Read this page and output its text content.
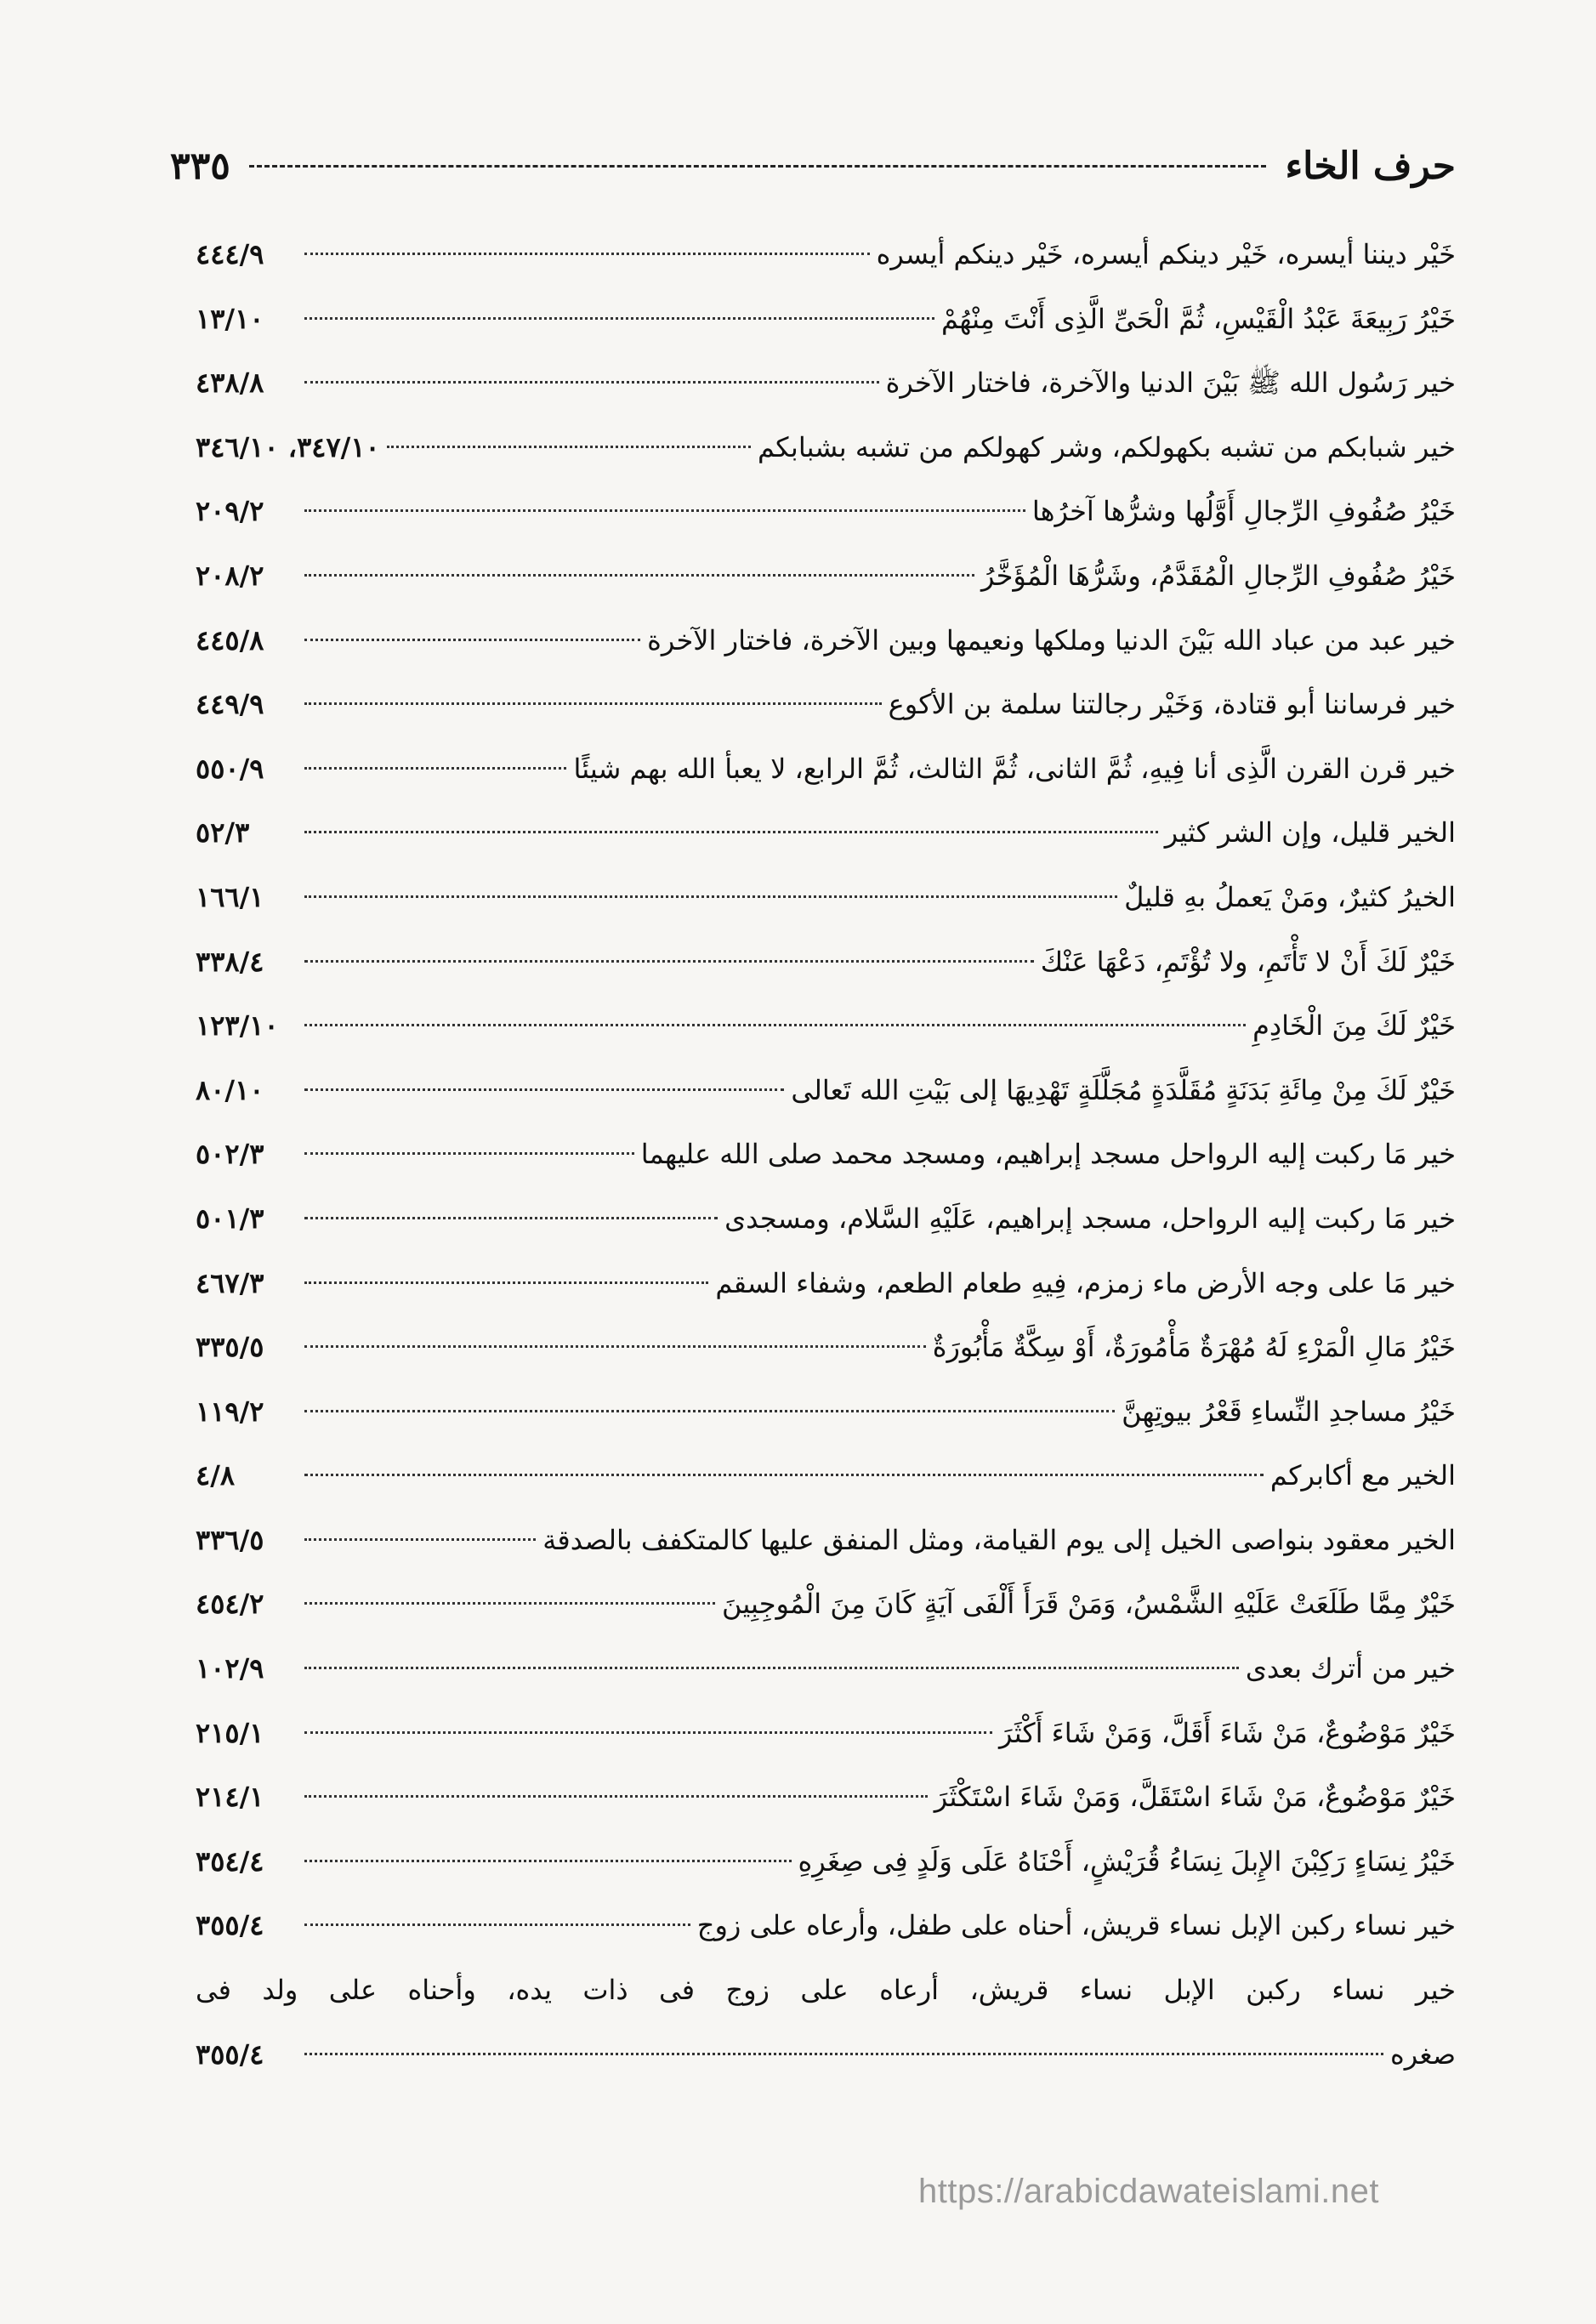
حرف الخاء
٣٣٥
خَيْر ديننا أيسره، خَيْر دينكم أيسره، خَيْر دينكم أيسره
٤٤٤/٩
خَيْرُ رَبِيعَةَ عَبْدُ الْقَيْسِ، ثُمَّ الْحَىِّ الَّذِى أَنْتَ مِنْهُمْ
١٣/١٠
خير رَسُول الله ﷺ بَيْنَ الدنيا والآخرة، فاختار الآخرة
٤٣٨/٨
خير شبابكم من تشبه بكهولكم، وشر كهولكم من تشبه بشبابكم
٣٤٧/١٠، ٣٤٦/١٠
خَيْرُ صُفُوفِ الرِّجالِ أَوَّلُها وشرُّها آخرُها
٢٠٩/٢
خَيْرُ صُفُوفِ الرِّجالِ الْمُقَدَّمُ، وشَرُّهَا الْمُؤَخَّرُ
٢٠٨/٢
خير عبد من عباد الله بَيْنَ الدنيا وملكها ونعيمها وبين الآخرة، فاختار الآخرة
٤٤٥/٨
خير فرساننا أبو قتادة، وَخَيْر رجالتنا سلمة بن الأكوع
٤٤٩/٩
خير قرن القرن الَّذِى أنا فِيهِ، ثُمَّ الثانى، ثُمَّ الثالث، ثُمَّ الرابع، لا يعبأ الله بهم شيئًا
٥٥٠/٩
الخير قليل، وإن الشر كثير
٥٢/٣
الخيرُ كثيرٌ، ومَنْ يَعملُ بهِ قليلٌ
١٦٦/١
خَيْرٌ لَكَ أَنْ لا تَأْتَمِ، ولا تُؤْتَمِ، دَعْهَا عَنْكَ
٣٣٨/٤
خَيْرٌ لَكَ مِنَ الْخَادِمِ
١٢٣/١٠
خَيْرٌ لَكَ مِنْ مِائَةِ بَدَنَةٍ مُقَلَّدَةٍ مُجَلَّلَةٍ تَهْدِيهَا إلى بَيْتِ الله تَعالى
٨٠/١٠
خير مَا ركبت إليه الرواحل مسجد إبراهيم، ومسجد محمد صلى الله عليهما
٥٠٢/٣
خير مَا ركبت إليه الرواحل، مسجد إبراهيم، عَلَيْهِ السَّلام، ومسجدى
٥٠١/٣
خير مَا على وجه الأرض ماء زمزم، فِيهِ طعام الطعم، وشفاء السقم
٤٦٧/٣
خَيْرُ مَالِ الْمَرْءِ لَهُ مُهْرَةٌ مَأْمُورَةٌ، أَوْ سِكَّةٌ مَأْبُورَةٌ
٣٣٥/٥
خَيْرُ مساجدِ النِّساءِ قَعْرُ بيوتِهِنَّ
١١٩/٢
الخير مع أكابركم
٤/٨
الخير معقود بنواصى الخيل إلى يوم القيامة، ومثل المنفق عليها كالمتكفف بالصدقة
٣٣٦/٥
خَيْرٌ مِمَّا طَلَعَتْ عَلَيْهِ الشَّمْسُ، وَمَنْ قَرَأَ أَلْفَى آيَةٍ كَانَ مِنَ الْمُوجِبِينَ
٤٥٤/٢
خير من أترك بعدى
١٠٢/٩
خَيْرٌ مَوْضُوعٌ، مَنْ شَاءَ أَقَلَّ، وَمَنْ شَاءَ أَكْثَرَ
٢١٥/١
خَيْرٌ مَوْضُوعٌ، مَنْ شَاءَ اسْتَقَلَّ، وَمَنْ شَاءَ اسْتَكْثَرَ
٢١٤/١
خَيْرُ نِسَاءٍ رَكِبْنَ الإِبلَ نِسَاءُ قُرَيْشٍ، أَحْنَاهُ عَلَى وَلَدٍ فِى صِغَرِهِ
٣٥٤/٤
خير نساء ركبن الإبل نساء قريش، أحناه على طفل، وأرعاه على زوج
٣٥٥/٤
خير نساء ركبن الإبل نساء قريش، أرعاه على زوج فى ذات يده، وأحناه على ولد فى
صغره
٣٥٥/٤
https://arabicdawateislami.net
